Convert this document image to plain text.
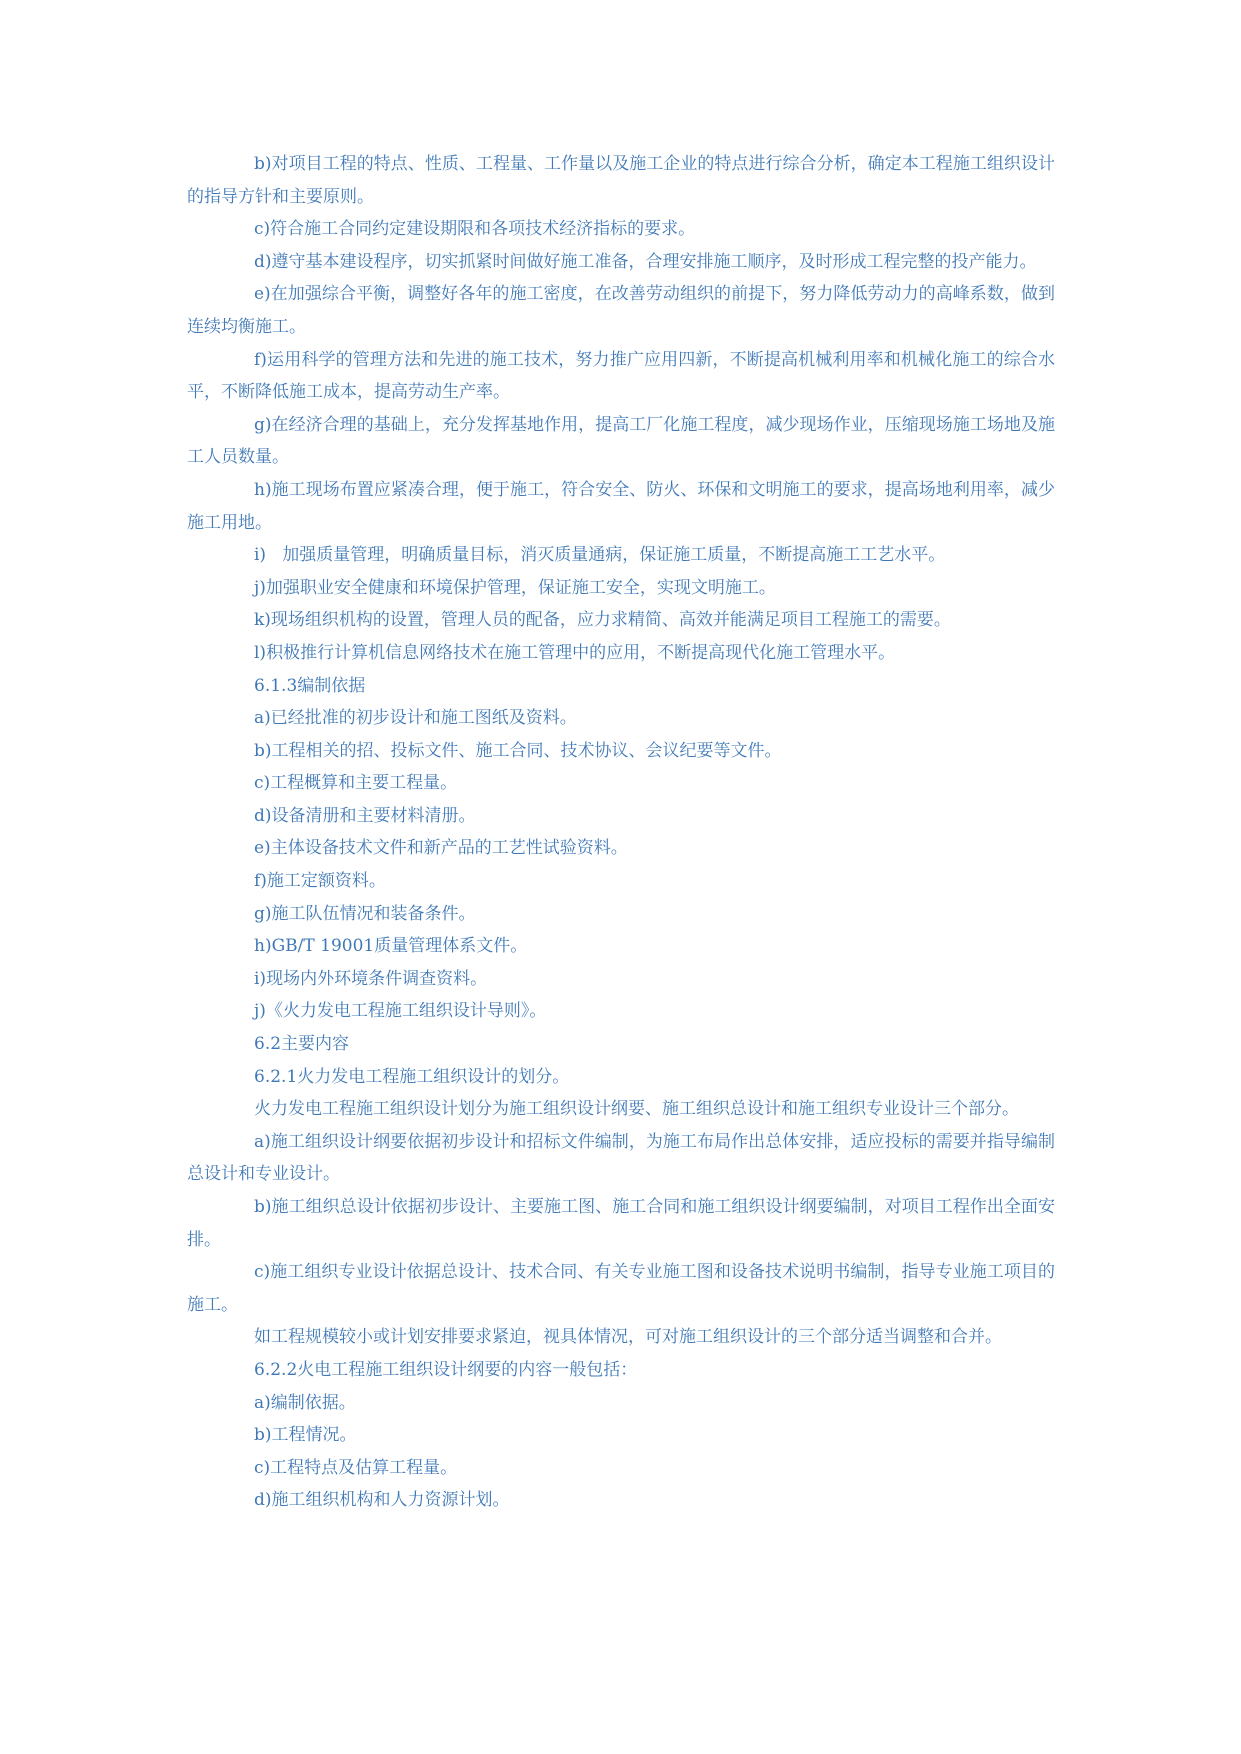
b)对项目工程的特点、性质、工程量、工作量以及施工企业的特点进行综合分析，确定本工程施工组织设计的指导方针和主要原则。

c)符合施工合同约定建设期限和各项技术经济指标的要求。

d)遵守基本建设程序，切实抓紧时间做好施工准备，合理安排施工顺序，及时形成工程完整的投产能力。

e)在加强综合平衡，调整好各年的施工密度，在改善劳动组织的前提下，努力降低劳动力的高峰系数，做到连续均衡施工。

f)运用科学的管理方法和先进的施工技术，努力推广应用四新，不断提高机械利用率和机械化施工的综合水平，不断降低施工成本，提高劳动生产率。

g)在经济合理的基础上，充分发挥基地作用，提高工厂化施工程度，减少现场作业，压缩现场施工场地及施工人员数量。

h)施工现场布置应紧凑合理，便于施工，符合安全、防火、环保和文明施工的要求，提高场地利用率，减少施工用地。

i)   加强质量管理，明确质量目标，消灭质量通病，保证施工质量，不断提高施工工艺水平。

j)加强职业安全健康和环境保护管理，保证施工安全，实现文明施工。

k)现场组织机构的设置，管理人员的配备，应力求精简、高效并能满足项目工程施工的需要。

l)积极推行计算机信息网络技术在施工管理中的应用，不断提高现代化施工管理水平。

6.1.3编制依据

a)已经批准的初步设计和施工图纸及资料。

b)工程相关的招、投标文件、施工合同、技术协议、会议纪要等文件。

c)工程概算和主要工程量。

d)设备清册和主要材料清册。

e)主体设备技术文件和新产品的工艺性试验资料。

f)施工定额资料。

g)施工队伍情况和装备条件。

h)GB/T 19001质量管理体系文件。

i)现场内外环境条件调查资料。

j)《火力发电工程施工组织设计导则》。

6.2主要内容

6.2.1火力发电工程施工组织设计的划分。

火力发电工程施工组织设计划分为施工组织设计纲要、施工组织总设计和施工组织专业设计三个部分。

a)施工组织设计纲要依据初步设计和招标文件编制，为施工布局作出总体安排，适应投标的需要并指导编制总设计和专业设计。

b)施工组织总设计依据初步设计、主要施工图、施工合同和施工组织设计纲要编制，对项目工程作出全面安排。

c)施工组织专业设计依据总设计、技术合同、有关专业施工图和设备技术说明书编制，指导专业施工项目的施工。

如工程规模较小或计划安排要求紧迫，视具体情况，可对施工组织设计的三个部分适当调整和合并。

6.2.2火电工程施工组织设计纲要的内容一般包括：

a)编制依据。

b)工程情况。

c)工程特点及估算工程量。

d)施工组织机构和人力资源计划。
